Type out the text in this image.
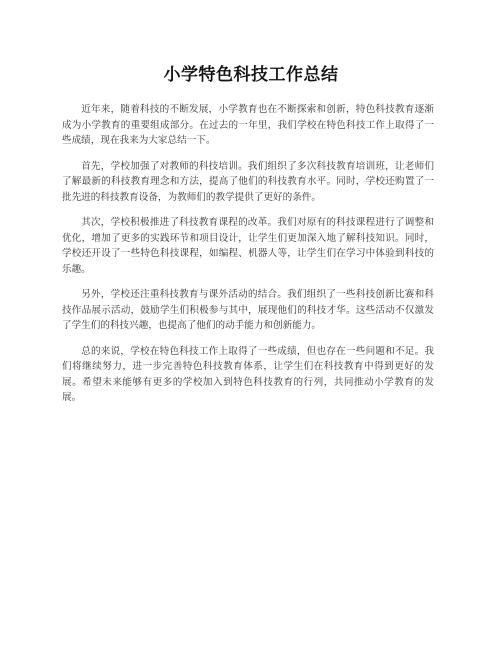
小学特色科技工作总结

近年来，随着科技的不断发展，小学教育也在不断探索和创新，特色科技教育逐渐成为小学教育的重要组成部分。在过去的一年里，我们学校在特色科技工作上取得了一些成绩，现在我来为大家总结一下。

首先，学校加强了对教师的科技培训。我们组织了多次科技教育培训班，让老师们了解最新的科技教育理念和方法，提高了他们的科技教育水平。同时，学校还购置了一批先进的科技教育设备，为教师们的教学提供了更好的条件。

其次，学校积极推进了科技教育课程的改革。我们对原有的科技课程进行了调整和优化，增加了更多的实践环节和项目设计，让学生们更加深入地了解科技知识。同时，学校还开设了一些特色科技课程，如编程、机器人等，让学生们在学习中体验到科技的乐趣。

另外，学校还注重科技教育与课外活动的结合。我们组织了一些科技创新比赛和科技作品展示活动，鼓励学生们积极参与其中，展现他们的科技才华。这些活动不仅激发了学生们的科技兴趣，也提高了他们的动手能力和创新能力。

总的来说，学校在特色科技工作上取得了一些成绩，但也存在一些问题和不足。我们将继续努力，进一步完善特色科技教育体系，让学生们在科技教育中得到更好的发展。希望未来能够有更多的学校加入到特色科技教育的行列，共同推动小学教育的发展。
